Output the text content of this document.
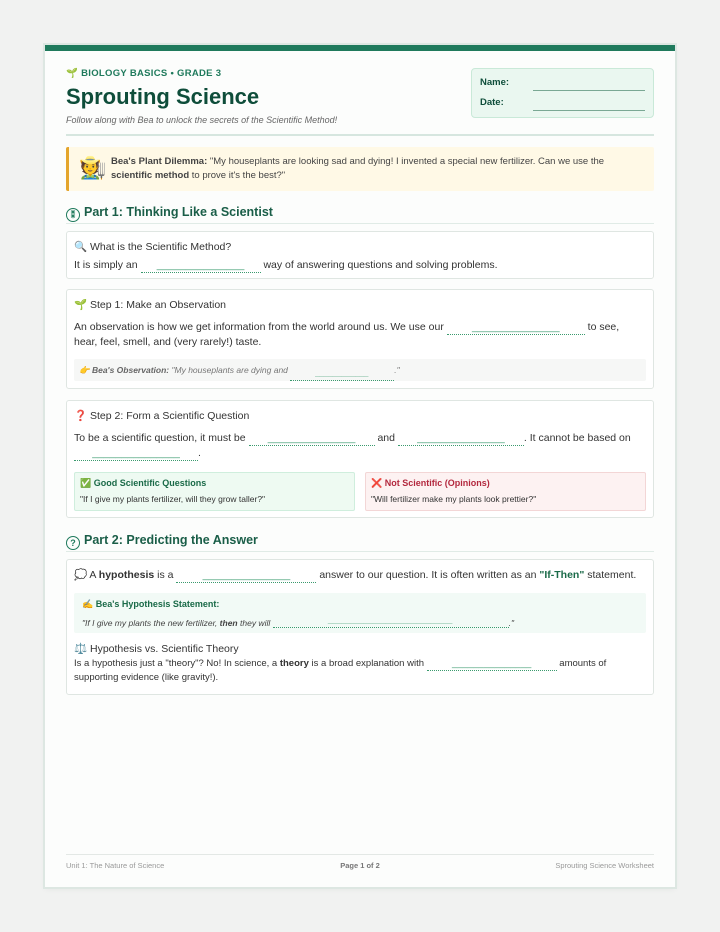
🌱 BIOLOGY BASICS • GRADE 3
Sprouting Science
Follow along with Bea to unlock the secrets of the Scientific Method!
Name:
Date:
🧑‍🌾 Bea's Plant Dilemma: "My houseplants are looking sad and dying! I invented a special new fertilizer. Can we use the scientific method to prove it's the best?"
⁑ Part 1: Thinking Like a Scientist
🔍 What is the Scientific Method?
It is simply an _______________ way of answering questions and solving problems.
🌱 Step 1: Make an Observation
An observation is how we get information from the world around us. We use our	_______________	to see,
hear, feel, smell, and (very rarely!) taste.
👉 Bea's Observation: "My houseplants are dying and	____________	."
❓ Step 2: Form a Scientific Question
To be a scientific question, it must be _______________ and _______________ . It cannot be based on
_______________ .
✅ Good Scientific Questions
"If I give my plants fertilizer, will they grow taller?"
❌ Not Scientific (Opinions)
"Will fertilizer make my plants look prettier?"
? Part 2: Predicting the Answer
💭 A hypothesis is a	_______________	answer to our question. It is often written as an "If-Then" statement.
✍️ Bea's Hypothesis Statement:
"If I give my plants the new fertilizer, then they will	____________________________	."
⚖️ Hypothesis vs. Scientific Theory
Is a hypothesis just a "theory"? No! In science, a theory is a broad explanation with	_______________	amounts of
supporting evidence (like gravity!).
Unit 1: The Nature of Science	Page 1 of 2	Sprouting Science Worksheet
